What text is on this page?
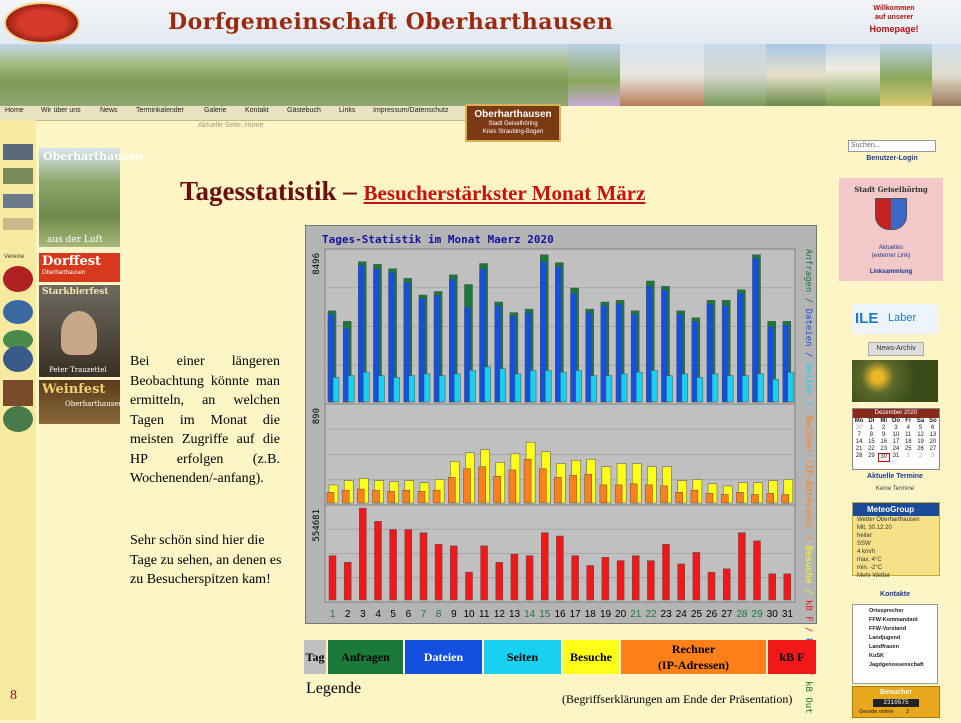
Dorfgemeinschaft Oberharthausen
Willkommen
auf unserer
Homepage!
Home Wir über uns	News	Terminkalender	Galerie	Kontakt	Gästebuch	Links	Impressum/Datenschutz
Aktuelle Seite: Home
Oberharthausen
Stadt Geiselhöring
Kreis Straubing-Bogen
Vereine
Oberharthausen
aus der Luft
Dorffest
Oberharthausen
Starkbierfest
Peter Trauzettel
Weinfest
Oberharthausen
Tagesstatistik – Besucherstärkster Monat März
Bei einer längeren Beobachtung könnte man ermitteln, an welchen Tagen im Monat die meisten Zugriffe auf die HP erfolgen (z.B. Wochenenden/-anfang).
Sehr schön sind hier die Tage zu sehen, an denen es zu Besucherspitzen kam!
Tages-Statistik im Monat Maerz 2020
8496
890
554681
1 2 3 4 5 6 7 8 9 10 11 12 13 14 15 16 17 18 19 20 21 22 23 24 25 26 27 28 29 30 31
Anfragen / Dateien / Seiten / Rechner (IP-Adressen) / Besuche / kB F / kB Out
Tag Anfragen	Dateien	Seiten	Besuche
Rechner
(IP-Adressen)
kB F
Legende
(Begriffserklärungen am Ende der Präsentation)
8
Suchen...
Benutzer-Login
Stadt Geiselhöring
Aktuelles
(externer Link)
Linksammlung
ILE Laber
News-Archiv
Dezember 2020
Mo Di Mi Do Fr Sa So
30	1	2	3	4	5	6
7	8	9	10 11 12 13
14 15 16 17 18 19 20
21 22 23 24 25 26 27
28 29 30 31	1	2	3
Aktuelle Termine
Keine Termine
MeteoGroup
Wetter Oberharthausen
Mit, 30.12.20
heiter
SSW
4 km/h
max. 4°C
min. -2°C
Mehr Wetter
Kontakte
Ortssprecher
FFW-Kommandant
FFW-Vorstand
Landjugend
Landfrauen
KuSK
Jagdgenossenschaft
Besucher
2310575
Gerade online 3
